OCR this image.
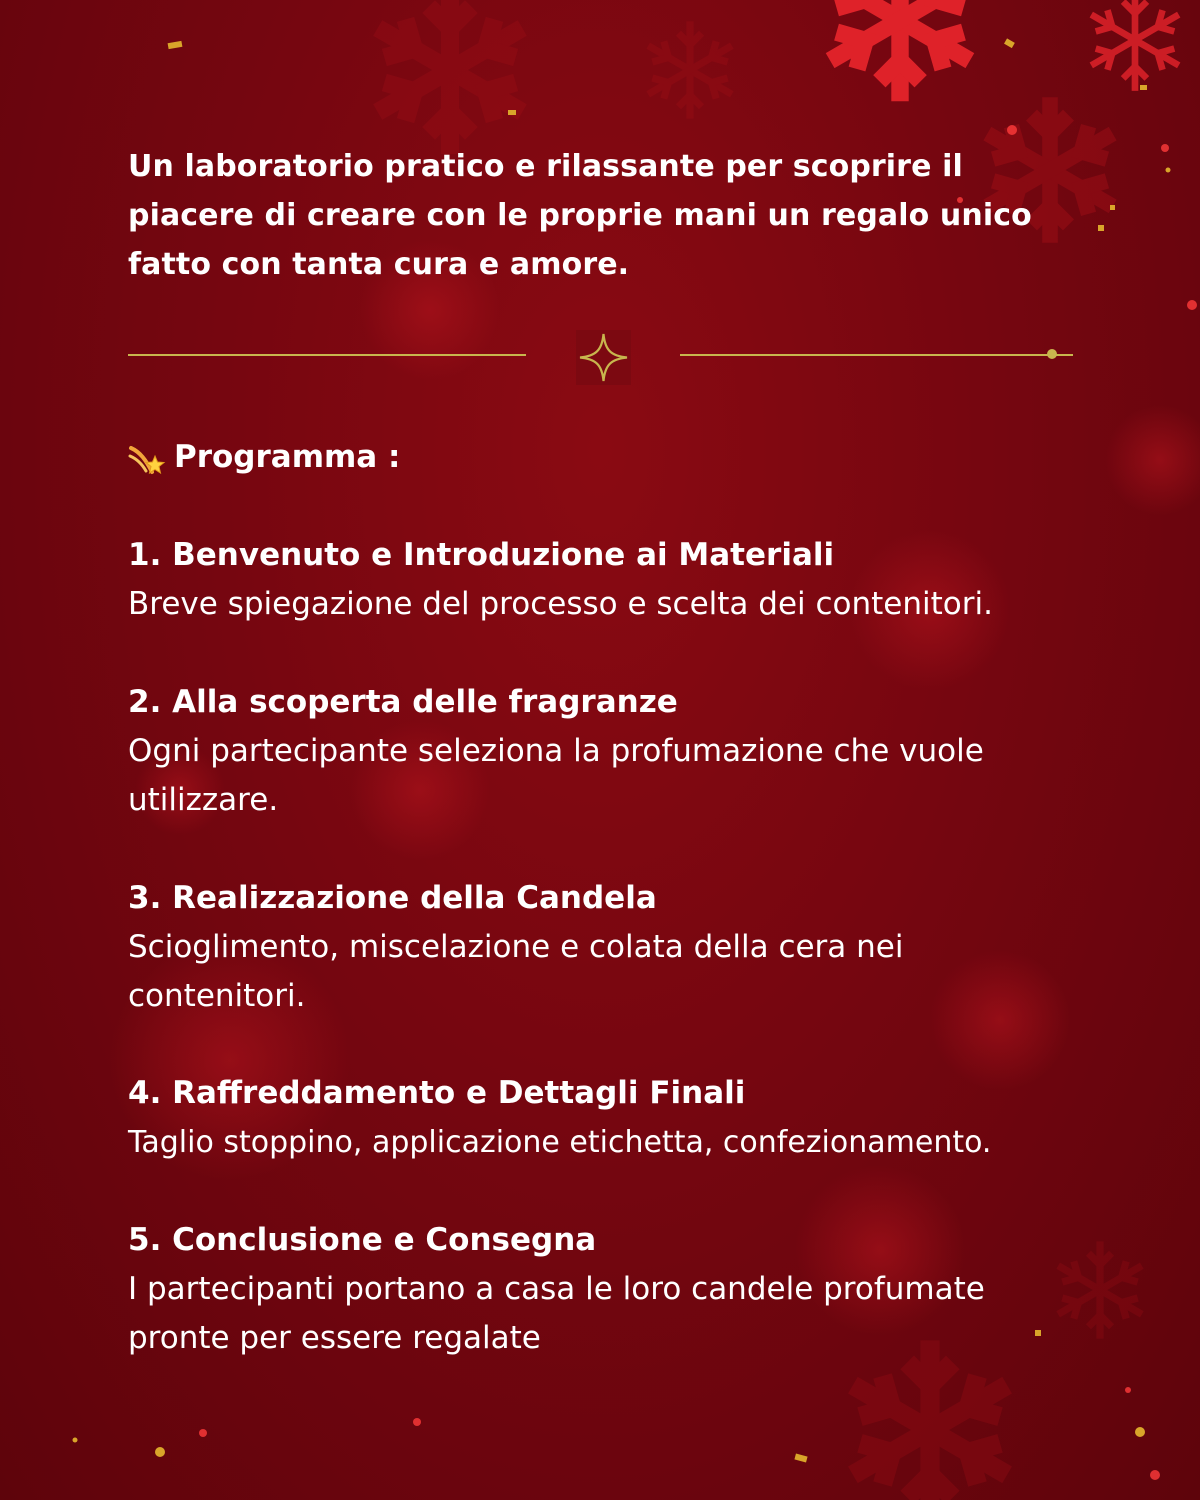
Un laboratorio pratico e rilassante per scoprire il piacere di creare con le proprie mani un regalo unico fatto con tanta cura e amore.
Programma :
1. Benvenuto e Introduzione ai Materiali
Breve spiegazione del processo e scelta dei contenitori.
2. Alla scoperta delle fragranze
Ogni partecipante seleziona la profumazione che vuole utilizzare.
3. Realizzazione della Candela
Scioglimento, miscelazione e colata della cera nei contenitori.
4. Raffreddamento e Dettagli Finali
Taglio stoppino, applicazione etichetta, confezionamento.
5. Conclusione e Consegna
I partecipanti portano a casa le loro candele profumate pronte per essere regalate
